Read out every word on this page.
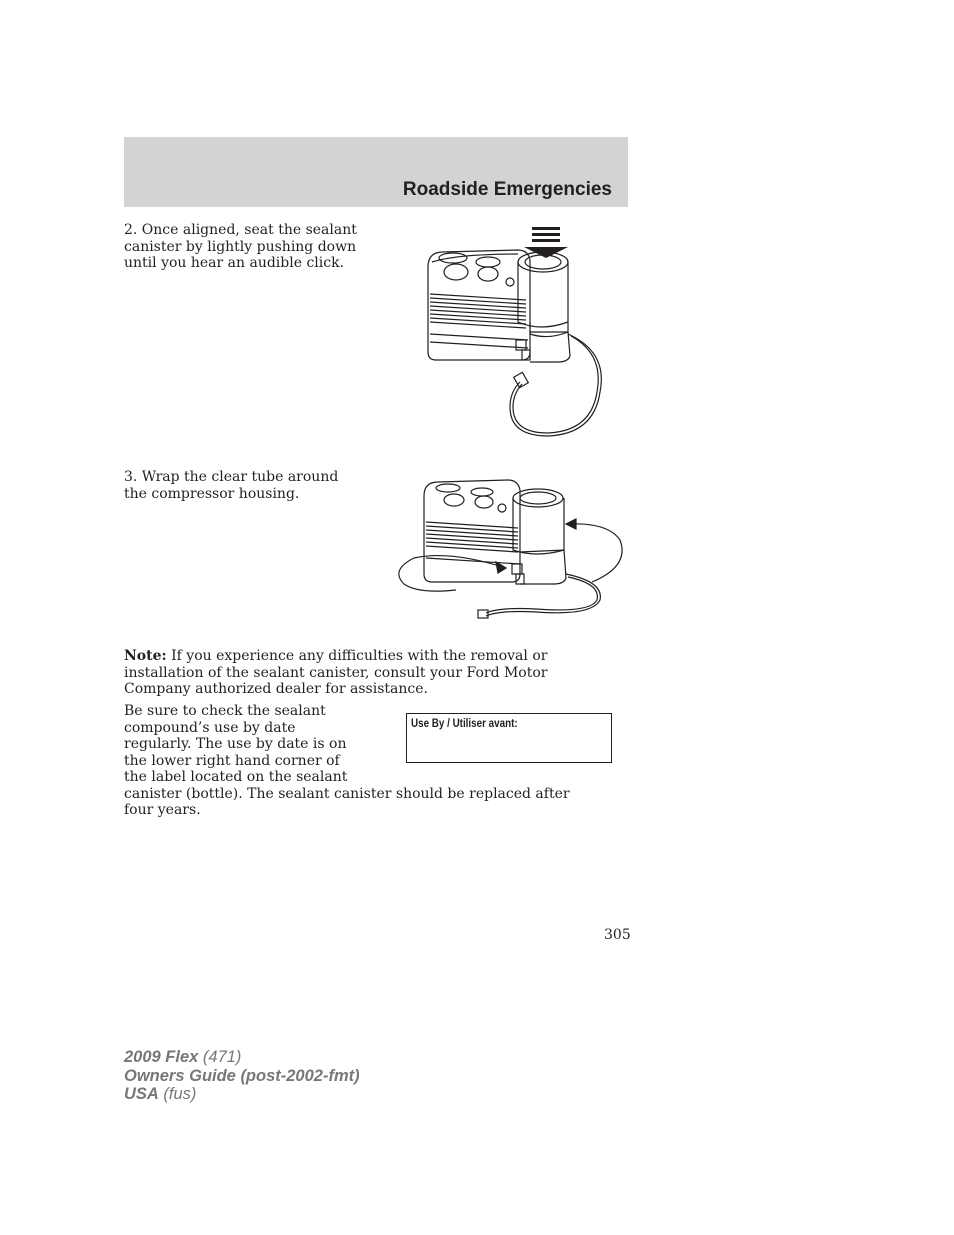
Roadside Emergencies
2. Once aligned, seat the sealant canister by lightly pushing down until you hear an audible click.
3. Wrap the clear tube around the compressor housing.
Note: If you experience any difficulties with the removal or installation of the sealant canister, consult your Ford Motor Company authorized dealer for assistance.
Be sure to check the sealant compound’s use by date regularly. The use by date is on the lower right hand corner of the label located on the sealant canister (bottle). The sealant canister should be replaced after four years.
Use By / Utiliser avant:
305
2009 Flex (471)
Owners Guide (post-2002-fmt)
USA (fus)
